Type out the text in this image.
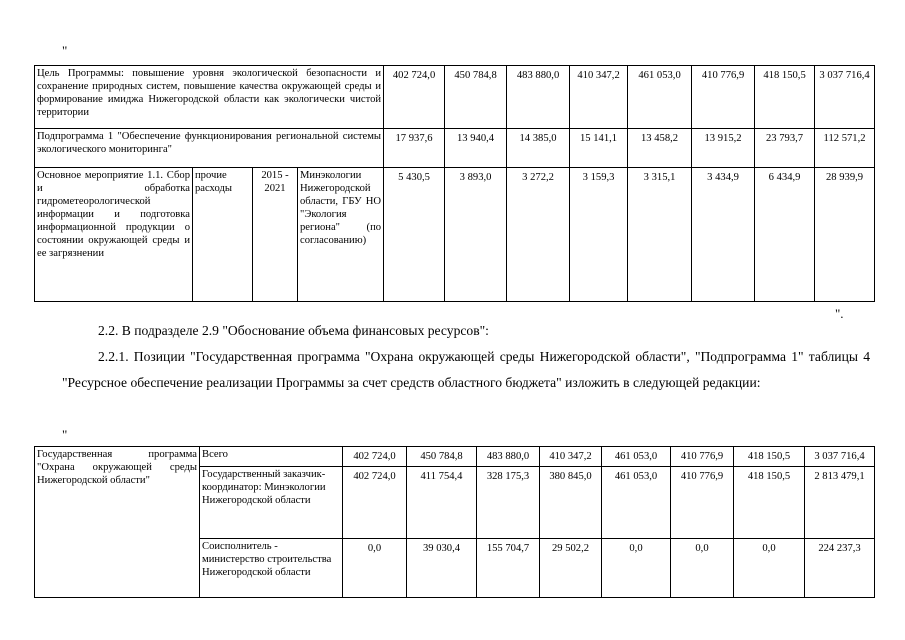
"
Цель Программы: повышение уровня экологической безопасности и сохранение природных систем, повышение качества окружающей среды и формирование имиджа Нижегородской области как экологически чистой территории				402 724,0	450 784,8	483 880,0	410 347,2	461 053,0	410 776,9	418 150,5	3 037 716,4
Подпрограмма 1 "Обеспечение функционирования региональной системы экологического мониторинга"				17 937,6	13 940,4	14 385,0	15 141,1	13 458,2	13 915,2	23 793,7	112 571,2
Основное мероприятие 1.1. Сбор и обработка гидрометеорологической информации и подготовка информационной продукции о состоянии окружающей среды и ее загрязнении	прочие расходы	2015 - 2021	Минэкологии Нижегородской области, ГБУ НО "Экология региона" (по согласованию)	5 430,5	3 893,0	3 272,2	3 159,3	3 315,1	3 434,9	6 434,9	28 939,9
".
2.2. В подразделе 2.9 "Обоснование объема финансовых ресурсов":
2.2.1. Позиции "Государственная программа "Охрана окружающей среды Нижегородской области", "Подпрограмма 1" таблицы 4 "Ресурсное обеспечение реализации Программы за счет средств областного бюджета" изложить в следующей редакции:
"
Государственная программа "Охрана окружающей среды Нижегородской области"	Всего	402 724,0	450 784,8	483 880,0	410 347,2	461 053,0	410 776,9	418 150,5	3 037 716,4
	Государственный заказчик-координатор: Минэкологии Нижегородской области	402 724,0	411 754,4	328 175,3	380 845,0	461 053,0	410 776,9	418 150,5	2 813 479,1
	Соисполнитель - министерство строительства Нижегородской области	0,0	39 030,4	155 704,7	29 502,2	0,0	0,0	0,0	224 237,3
